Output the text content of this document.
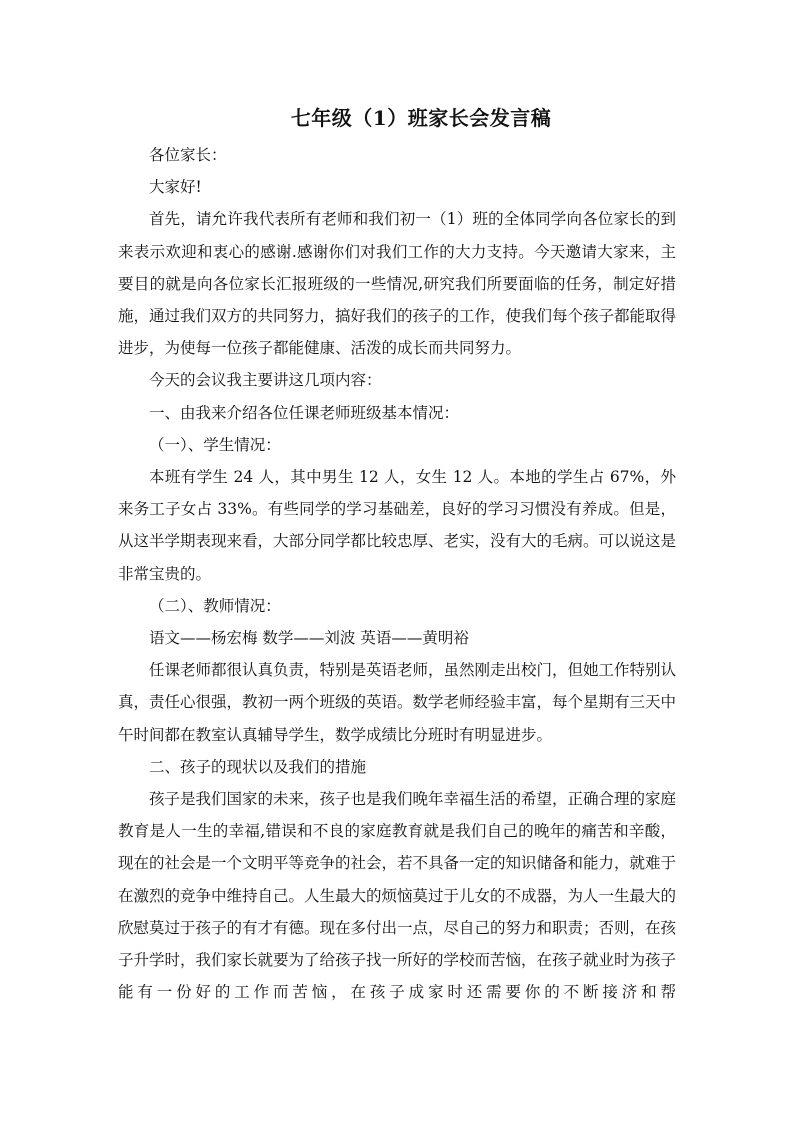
七年级（1）班家长会发言稿

各位家长：

大家好!

首先，请允许我代表所有老师和我们初一（1）班的全体同学向各位家长的到来表示欢迎和衷心的感谢.感谢你们对我们工作的大力支持。今天邀请大家来，主要目的就是向各位家长汇报班级的一些情况,研究我们所要面临的任务，制定好措施，通过我们双方的共同努力，搞好我们的孩子的工作，使我们每个孩子都能取得进步，为使每一位孩子都能健康、活泼的成长而共同努力。

今天的会议我主要讲这几项内容：

一、由我来介绍各位任课老师班级基本情况：

（一）、学生情况：

本班有学生 24 人，其中男生 12 人，女生 12 人。本地的学生占 67%，外来务工子女占 33%。有些同学的学习基础差，良好的学习习惯没有养成。但是，从这半学期表现来看，大部分同学都比较忠厚、老实，没有大的毛病。可以说这是非常宝贵的。

（二）、教师情况：

语文——杨宏梅 数学——刘波 英语——黄明裕

任课老师都很认真负责，特别是英语老师，虽然刚走出校门，但她工作特别认真，责任心很强，教初一两个班级的英语。数学老师经验丰富，每个星期有三天中午时间都在教室认真辅导学生，数学成绩比分班时有明显进步。

二、孩子的现状以及我们的措施

孩子是我们国家的未来，孩子也是我们晚年幸福生活的希望，正确合理的家庭教育是人一生的幸福,错误和不良的家庭教育就是我们自己的晚年的痛苦和辛酸，现在的社会是一个文明平等竞争的社会，若不具备一定的知识储备和能力，就难于在激烈的竞争中维持自己。人生最大的烦恼莫过于儿女的不成器，为人一生最大的欣慰莫过于孩子的有才有德。现在多付出一点，尽自己的努力和职责；否则，在孩子升学时，我们家长就要为了给孩子找一所好的学校而苦恼，在孩子就业时为孩子能有一份好的工作而苦恼，在孩子成家时还需要你的不断接济和帮
